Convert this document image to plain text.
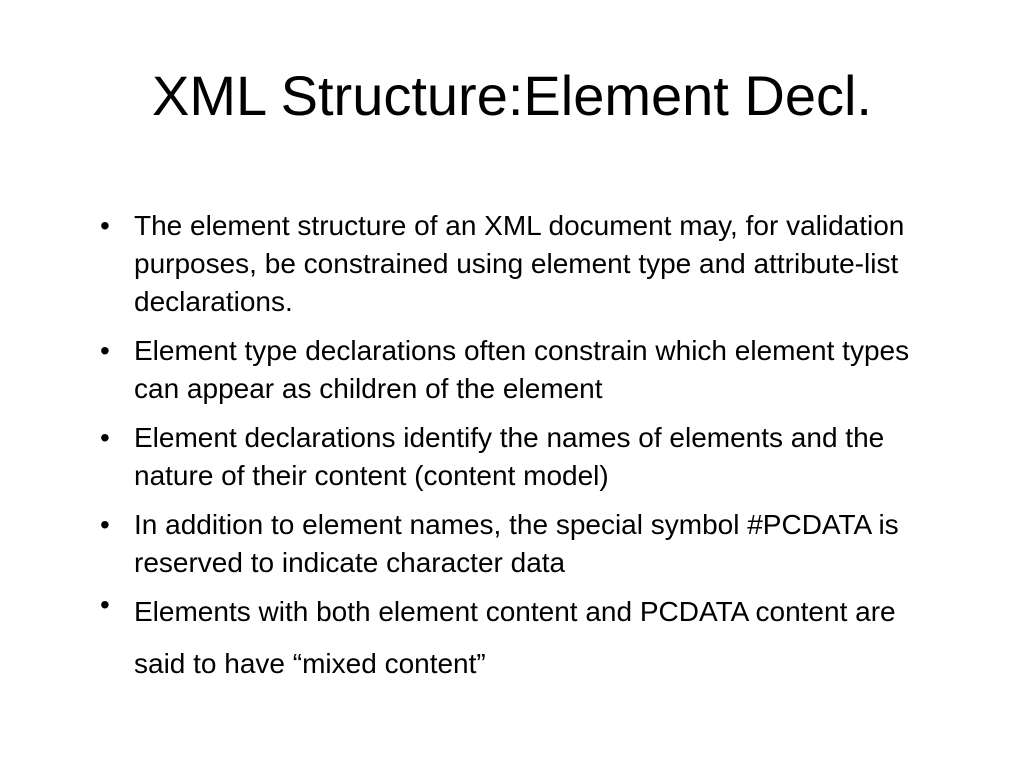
XML Structure:Element Decl.
• The element structure of an XML document may, for validation purposes, be constrained using element type and attribute-list declarations.
• Element type declarations often constrain which element types can appear as children of the element
• Element declarations identify the names of elements and the nature of their content (content model)
• In addition to element names, the special symbol #PCDATA is reserved to indicate character data
• Elements with both element content and PCDATA content are said to have “mixed content”
